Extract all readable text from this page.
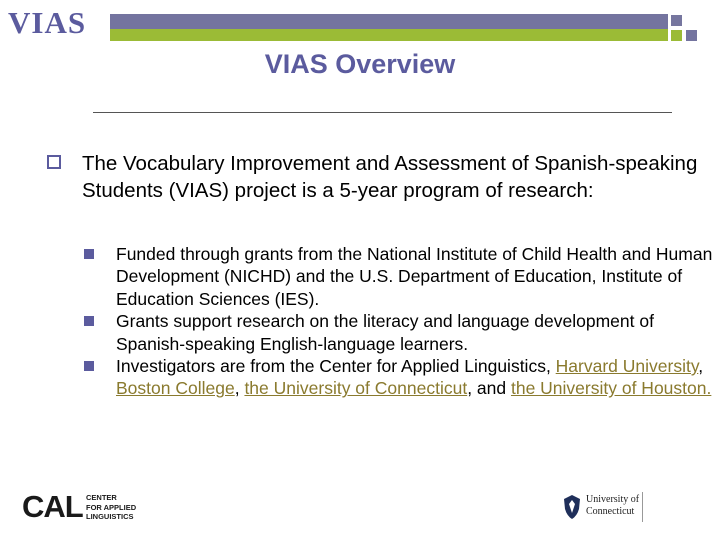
VIAS
VIAS Overview
The Vocabulary Improvement and Assessment of Spanish-speaking Students (VIAS) project is a 5-year program of research:
Funded through grants from the National Institute of Child Health and Human Development (NICHD) and the U.S. Department of Education, Institute of Education Sciences (IES).
Grants support research on the literacy and language development of Spanish-speaking English-language learners.
Investigators are from the Center for Applied Linguistics, Harvard University, Boston College, the University of Connecticut, and the University of Houston.
CAL CENTER
FOR APPLIED
LINGUISTICS
University of
Connecticut
